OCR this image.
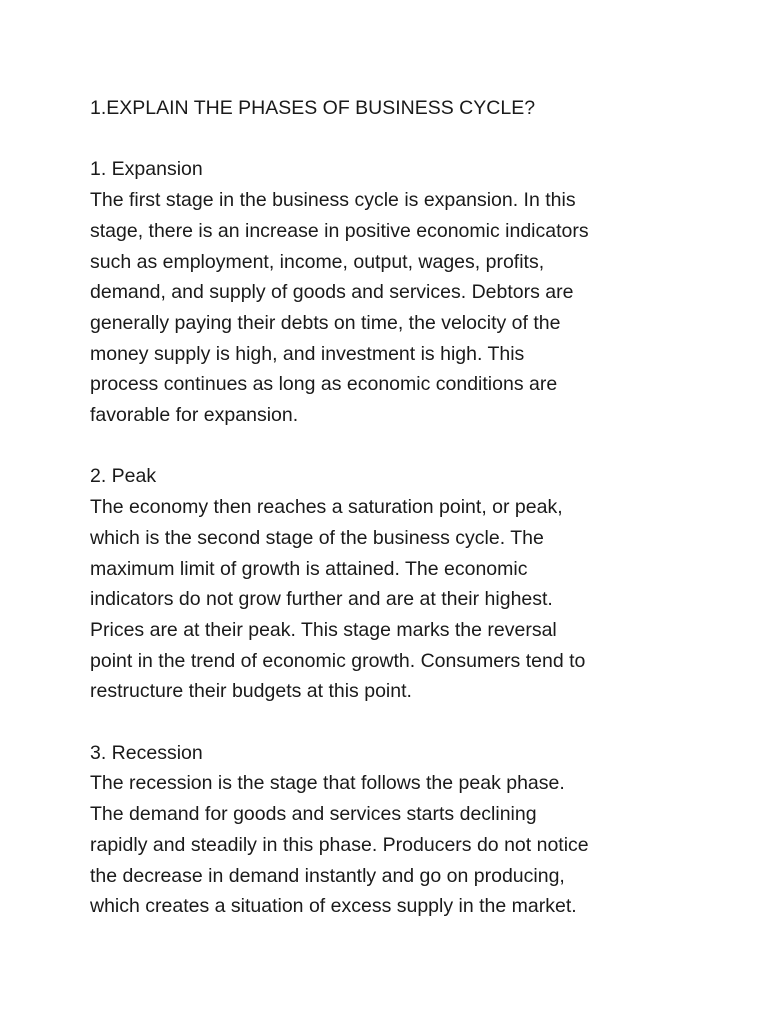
1.EXPLAIN THE PHASES OF BUSINESS CYCLE?
1. Expansion
The first stage in the business cycle is expansion. In this
stage, there is an increase in positive economic indicators
such as employment, income, output, wages, profits,
demand, and supply of goods and services. Debtors are
generally paying their debts on time, the velocity of the
money supply is high, and investment is high. This
process continues as long as economic conditions are
favorable for expansion.
2. Peak
The economy then reaches a saturation point, or peak,
which is the second stage of the business cycle. The
maximum limit of growth is attained. The economic
indicators do not grow further and are at their highest.
Prices are at their peak. This stage marks the reversal
point in the trend of economic growth. Consumers tend to
restructure their budgets at this point.
3. Recession
The recession is the stage that follows the peak phase.
The demand for goods and services starts declining
rapidly and steadily in this phase. Producers do not notice
the decrease in demand instantly and go on producing,
which creates a situation of excess supply in the market.
